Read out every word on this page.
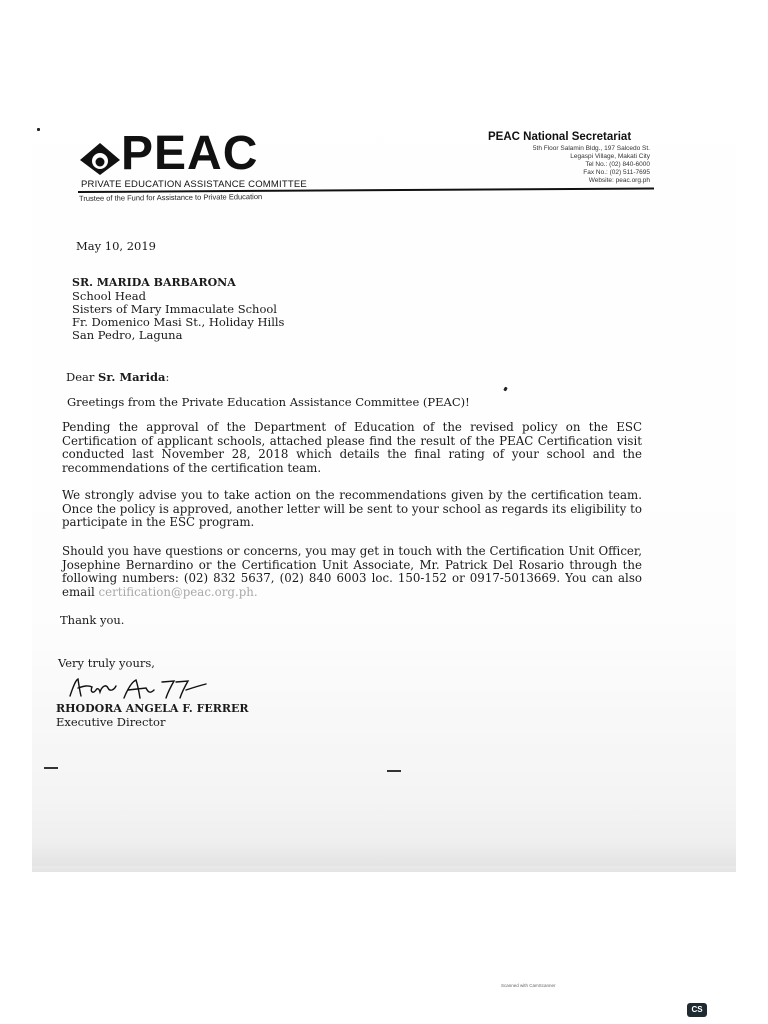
PEAC
PRIVATE EDUCATION ASSISTANCE COMMITTEE
Trustee of the Fund for Assistance to Private Education
PEAC National Secretariat
5th Floor Salamin Bldg., 197 Salcedo St.
Legaspi Village, Makati City
Tel No.: (02) 840-6000
Fax No.: (02) 511-7695
Website: peac.org.ph
May 10, 2019
SR. MARIDA BARBARONA
School Head
Sisters of Mary Immaculate School
Fr. Domenico Masi St., Holiday Hills
San Pedro, Laguna
Dear Sr. Marida:
Greetings from the Private Education Assistance Committee (PEAC)!
Pending the approval of the Department of Education of the revised policy on the ESC Certification of applicant schools, attached please find the result of the PEAC Certification visit conducted last November 28, 2018 which details the final rating of your school and the recommendations of the certification team.
We strongly advise you to take action on the recommendations given by the certification team. Once the policy is approved, another letter will be sent to your school as regards its eligibility to participate in the ESC program.
Should you have questions or concerns, you may get in touch with the Certification Unit Officer, Josephine Bernardino or the Certification Unit Associate, Mr. Patrick Del Rosario through the following numbers: (02) 832 5637, (02) 840 6003 loc. 150-152 or 0917-5013669. You can also email certification@peac.org.ph.
Thank you.
Very truly yours,
RHODORA ANGELA F. FERRER
Executive Director
Scanned with CamScanner
CS
